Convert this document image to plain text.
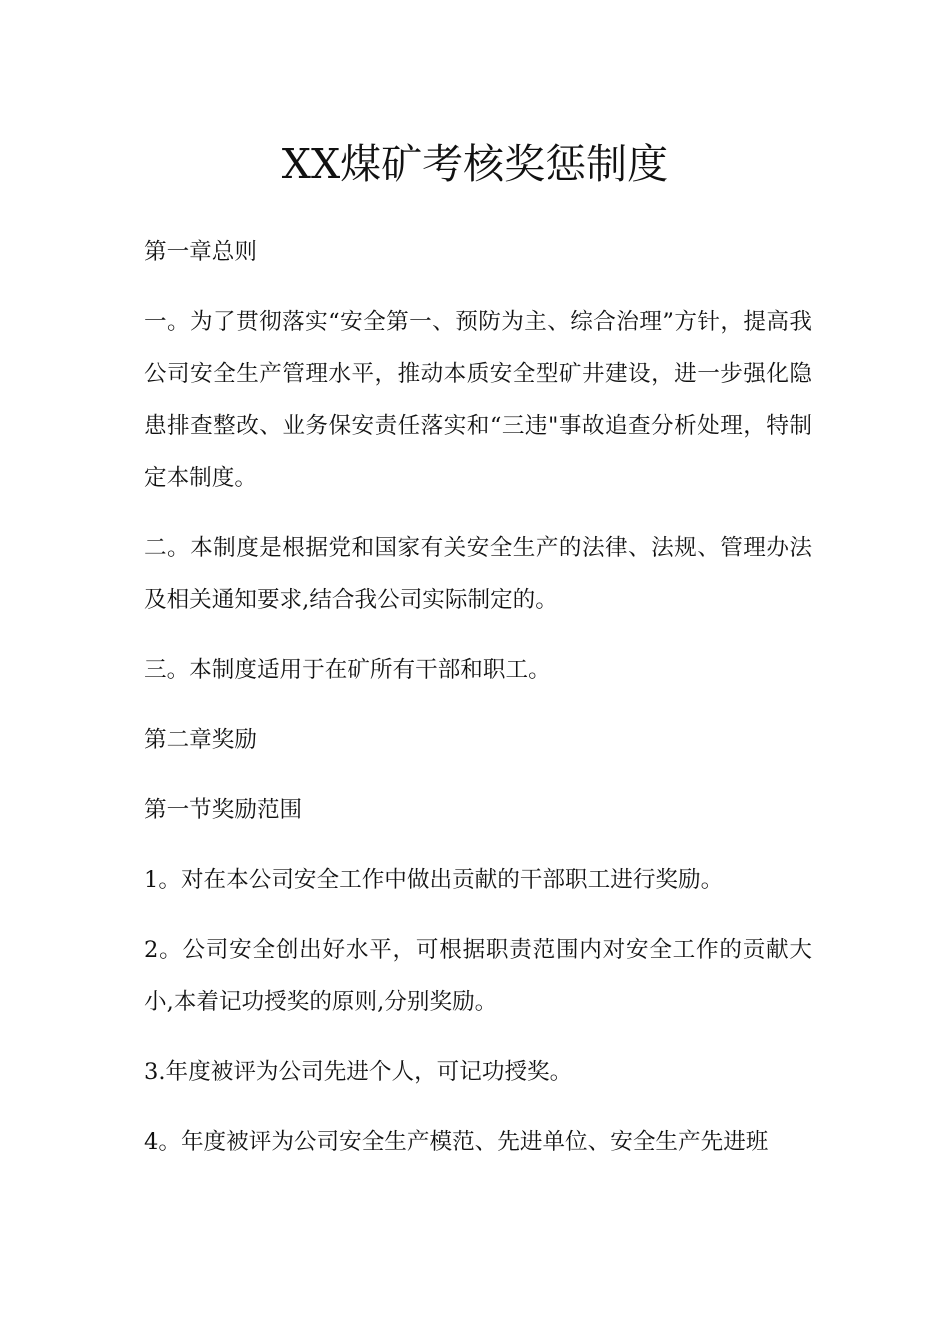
XX煤矿考核奖惩制度

第一章总则

一。为了贯彻落实“安全第一、预防为主、综合治理”方针，提高我公司安全生产管理水平，推动本质安全型矿井建设，进一步强化隐患排查整改、业务保安责任落实和“三违"事故追查分析处理，特制定本制度。

二。本制度是根据党和国家有关安全生产的法律、法规、管理办法及相关通知要求,结合我公司实际制定的。

三。本制度适用于在矿所有干部和职工。

第二章奖励

第一节奖励范围

1。对在本公司安全工作中做出贡献的干部职工进行奖励。

2。公司安全创出好水平，可根据职责范围内对安全工作的贡献大小,本着记功授奖的原则,分别奖励。

3.年度被评为公司先进个人，可记功授奖。

4。年度被评为公司安全生产模范、先进单位、安全生产先进班
